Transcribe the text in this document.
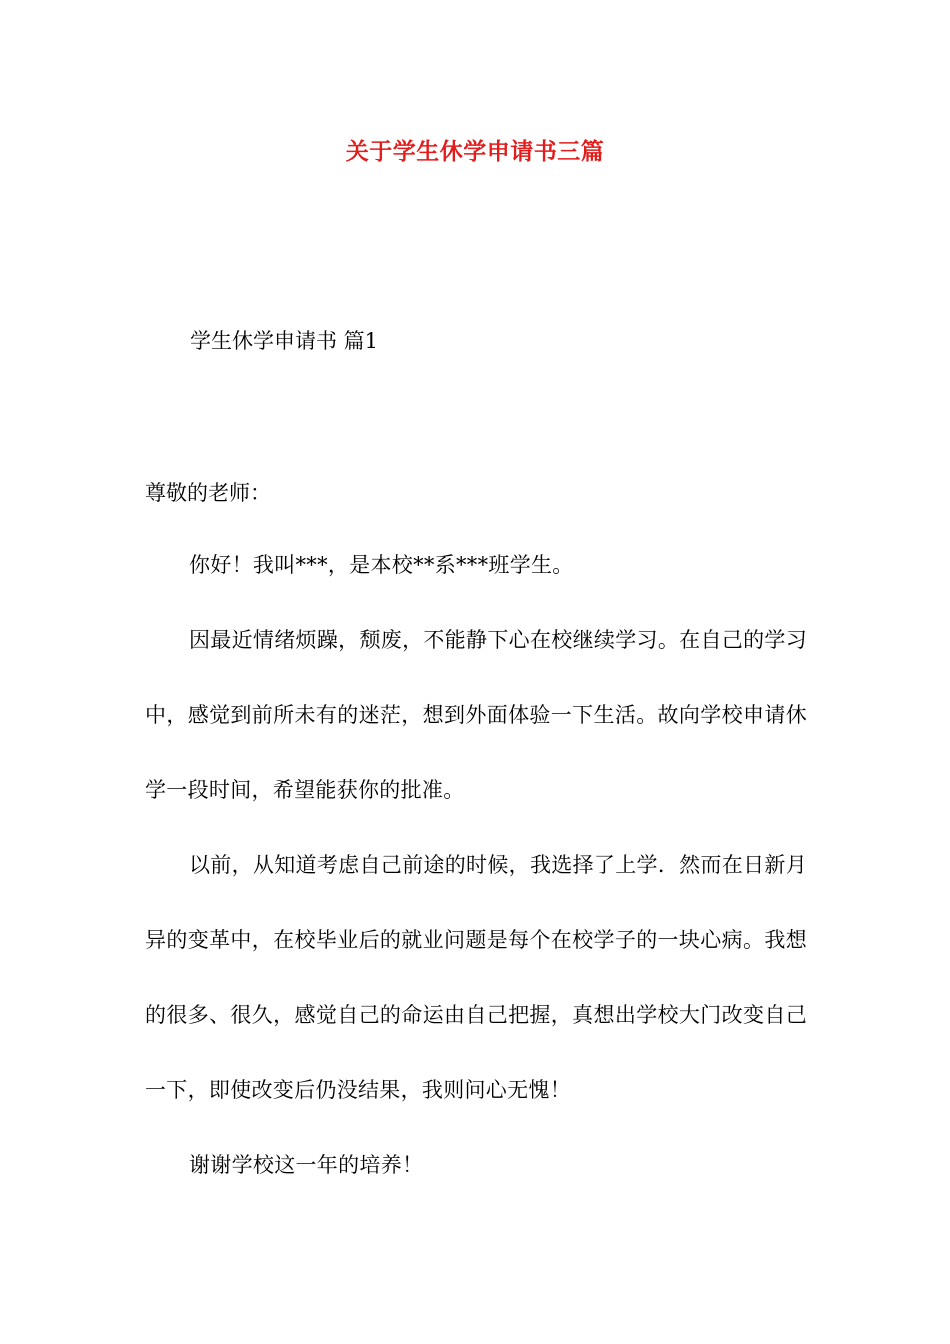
关于学生休学申请书三篇
学生休学申请书 篇1
尊敬的老师：

你好！我叫***，是本校**系***班学生。

因最近情绪烦躁，颓废，不能静下心在校继续学习。在自己的学习中，感觉到前所未有的迷茫，想到外面体验一下生活。故向学校申请休学一段时间，希望能获你的批准。

以前，从知道考虑自己前途的时候，我选择了上学．然而在日新月异的变革中，在校毕业后的就业问题是每个在校学子的一块心病。我想的很多、很久，感觉自己的命运由自己把握，真想出学校大门改变自己一下，即使改变后仍没结果，我则问心无愧！

谢谢学校这一年的培养！
